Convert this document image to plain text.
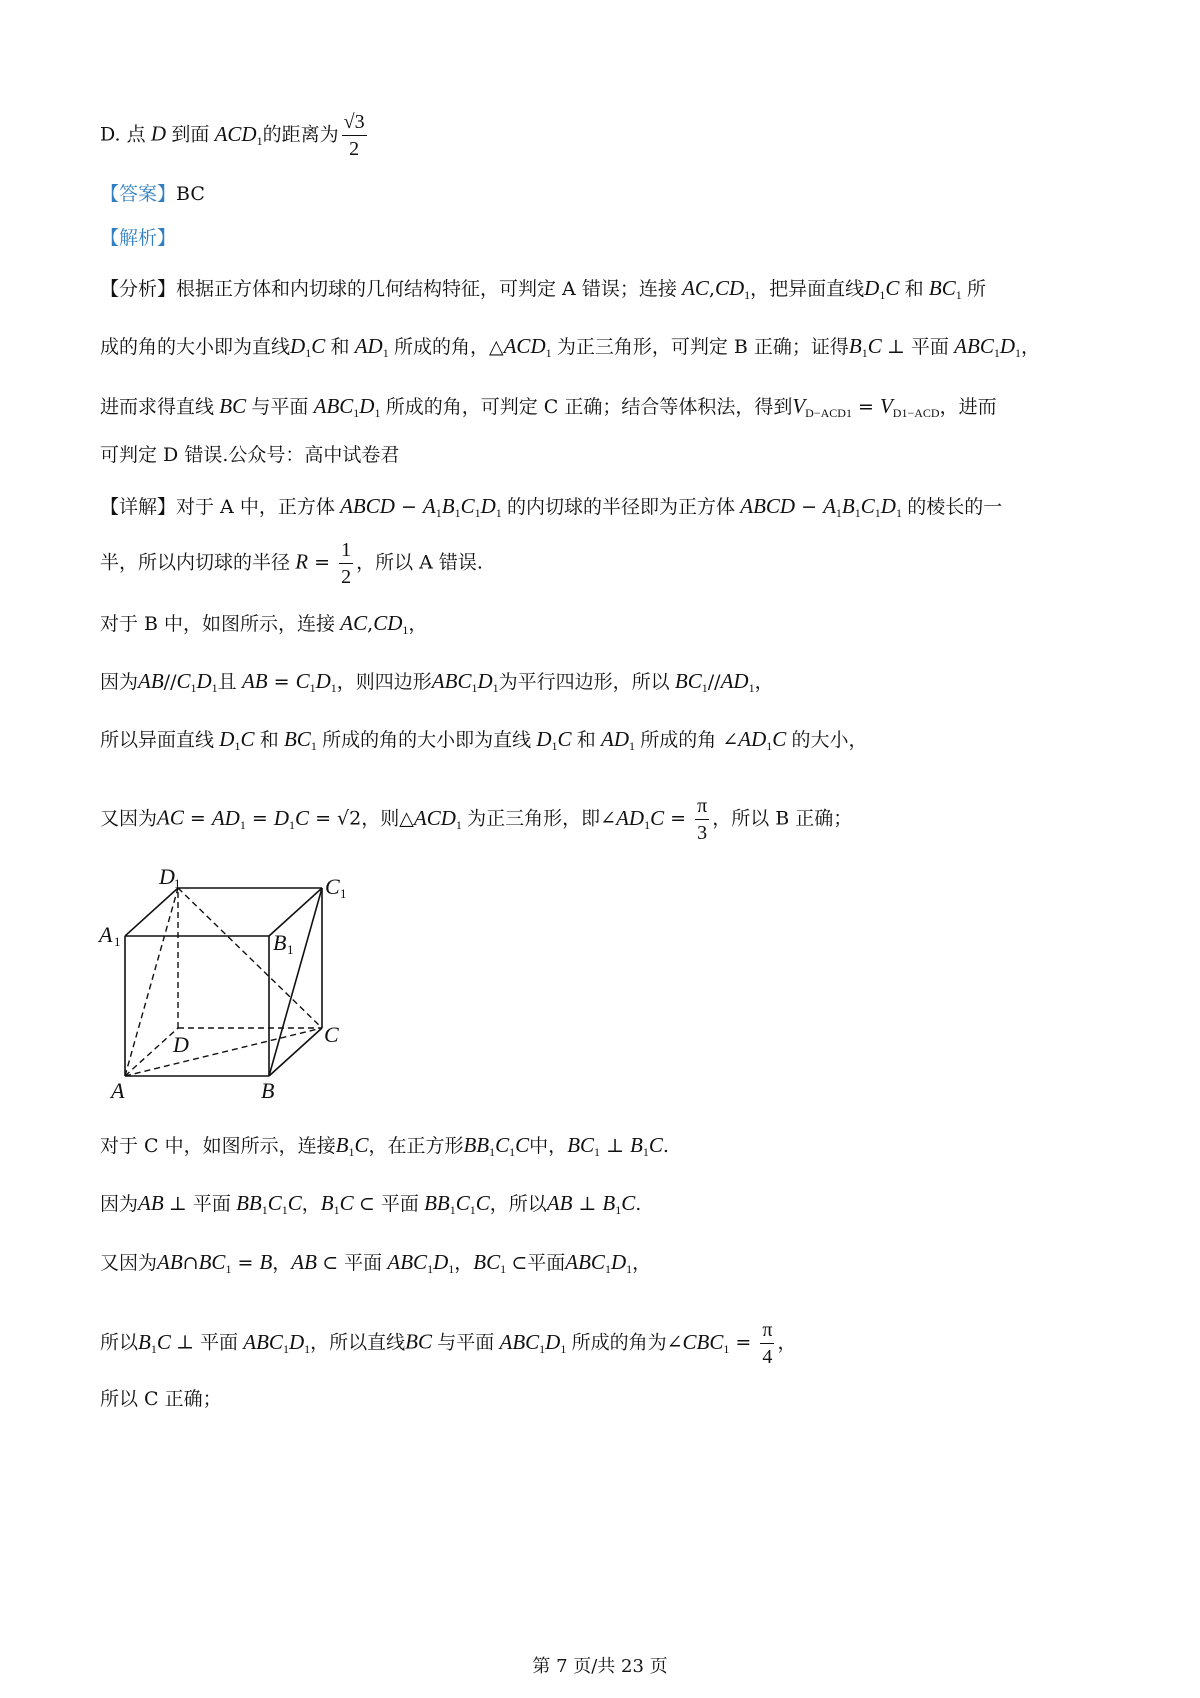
D. 点 D 到面 $ACD_1$的距离为 $\frac{√3}{2}$
【答案】BC
【解析】
【分析】根据正方体和内切球的几何结构特征，可判定 A 错误；连接 $AC,CD_1$，把异面直线$D_1C$ 和 $BC_1$ 所
成的角的大小即为直线$D_1C$ 和 $AD_1$ 所成的角，$\triangle ACD_1$ 为正三角形，可判定 B 正确；证得$B_1C$ ⊥ 平面 $ABC_1D_1$，
进而求得直线 BC 与平面 $ABC_1D_1$ 所成的角，可判定 C 正确；结合等体积法，得到$V_{D-ACD1} = V_{D1-ACD}$，进而
可判定 D 错误.公众号：高中试卷君
【详解】对于 A 中，正方体 ABCD − $A_1B_1C_1D_1$ 的内切球的半径即为正方体 ABCD − $A_1B_1C_1D_1$ 的棱长的一
半，所以内切球的半径 $R = \frac{1}{2}$ ，所以 A 错误.
对于 B 中，如图所示，连接 $AC,CD_1$，
因为$AB//C_1D_1$且 AB = $C_1D_1$，则四边形$ABC_1D_1$为平行四边形，所以 $BC_1//AD_1$，
所以异面直线 $D_1C$ 和 $BC_1$ 所成的角的大小即为直线 $D_1C$ 和 $AD_1$ 所成的角 $\angle AD_1C$ 的大小，
又因为AC = $AD_1 = D_1C = √2$，则$\triangle ACD_1$ 为正三角形，即$\angle AD_1C = \frac{\pi}{3}$ ，所以 B 正确；
D 1	C 1
A 1	B 1
D	C
A	B
对于 C 中，如图所示，连接$B_1C$，在正方形$BB_1C_1C$中，$BC_1$ ⊥ $B_1C$.
因为AB ⊥ 平面 $BB_1C_1C$，$B_1C$ ⊂ 平面 $BB_1C_1C$，所以AB ⊥ $B_1C$.
又因为$AB\cap BC_1 = B$，AB ⊂ 平面 $ABC_1D_1$，$BC_1$ ⊂平面$ABC_1D_1$，
所以$B_1C$ ⊥ 平面 $ABC_1D_1$，所以直线BC 与平面 $ABC_1D_1$ 所成的角为$\angle CBC_1 = \frac{\pi}{4}$ ，
所以 C 正确；
第 7 页/共 23 页
